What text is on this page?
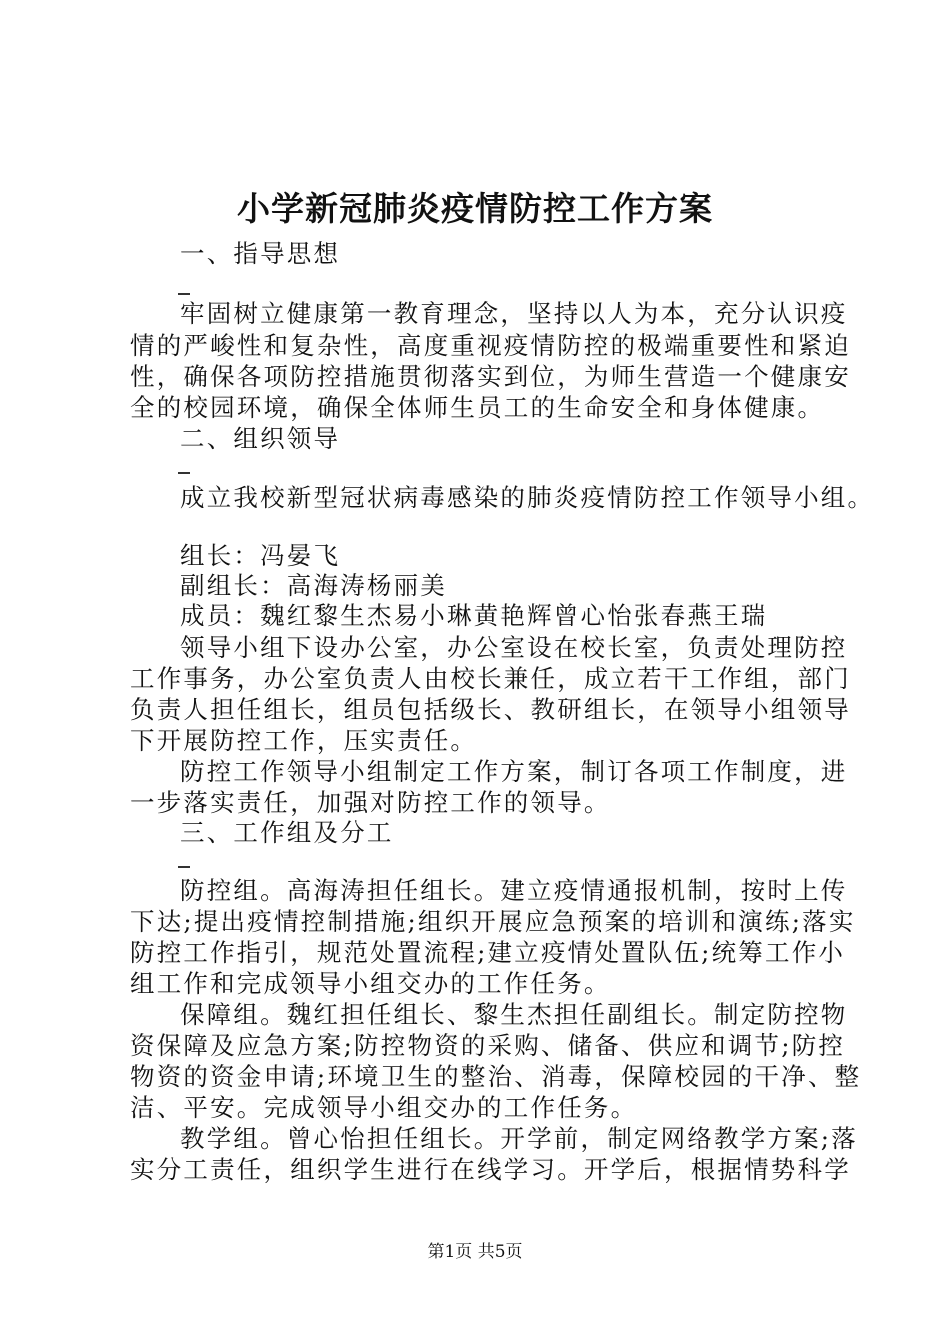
小学新冠肺炎疫情防控工作方案
一、指导思想
牢固树立健康第一教育理念，坚持以人为本，充分认识疫
情的严峻性和复杂性，高度重视疫情防控的极端重要性和紧迫
性，确保各项防控措施贯彻落实到位，为师生营造一个健康安
全的校园环境，确保全体师生员工的生命安全和身体健康。
二、组织领导
成立我校新型冠状病毒感染的肺炎疫情防控工作领导小组。
组长：冯晏飞
副组长：高海涛杨丽美
成员：魏红黎生杰易小琳黄艳辉曾心怡张春燕王瑞
领导小组下设办公室，办公室设在校长室，负责处理防控
工作事务，办公室负责人由校长兼任，成立若干工作组，部门
负责人担任组长，组员包括级长、教研组长，在领导小组领导
下开展防控工作，压实责任。
防控工作领导小组制定工作方案，制订各项工作制度，进
一步落实责任，加强对防控工作的领导。
三、工作组及分工
防控组。高海涛担任组长。建立疫情通报机制，按时上传
下达;提出疫情控制措施;组织开展应急预案的培训和演练;落实
防控工作指引，规范处置流程;建立疫情处置队伍;统筹工作小
组工作和完成领导小组交办的工作任务。
保障组。魏红担任组长、黎生杰担任副组长。制定防控物
资保障及应急方案;防控物资的采购、储备、供应和调节;防控
物资的资金申请;环境卫生的整治、消毒，保障校园的干净、整
洁、平安。完成领导小组交办的工作任务。
教学组。曾心怡担任组长。开学前，制定网络教学方案;落
实分工责任，组织学生进行在线学习。开学后，根据情势科学
第1页 共5页
